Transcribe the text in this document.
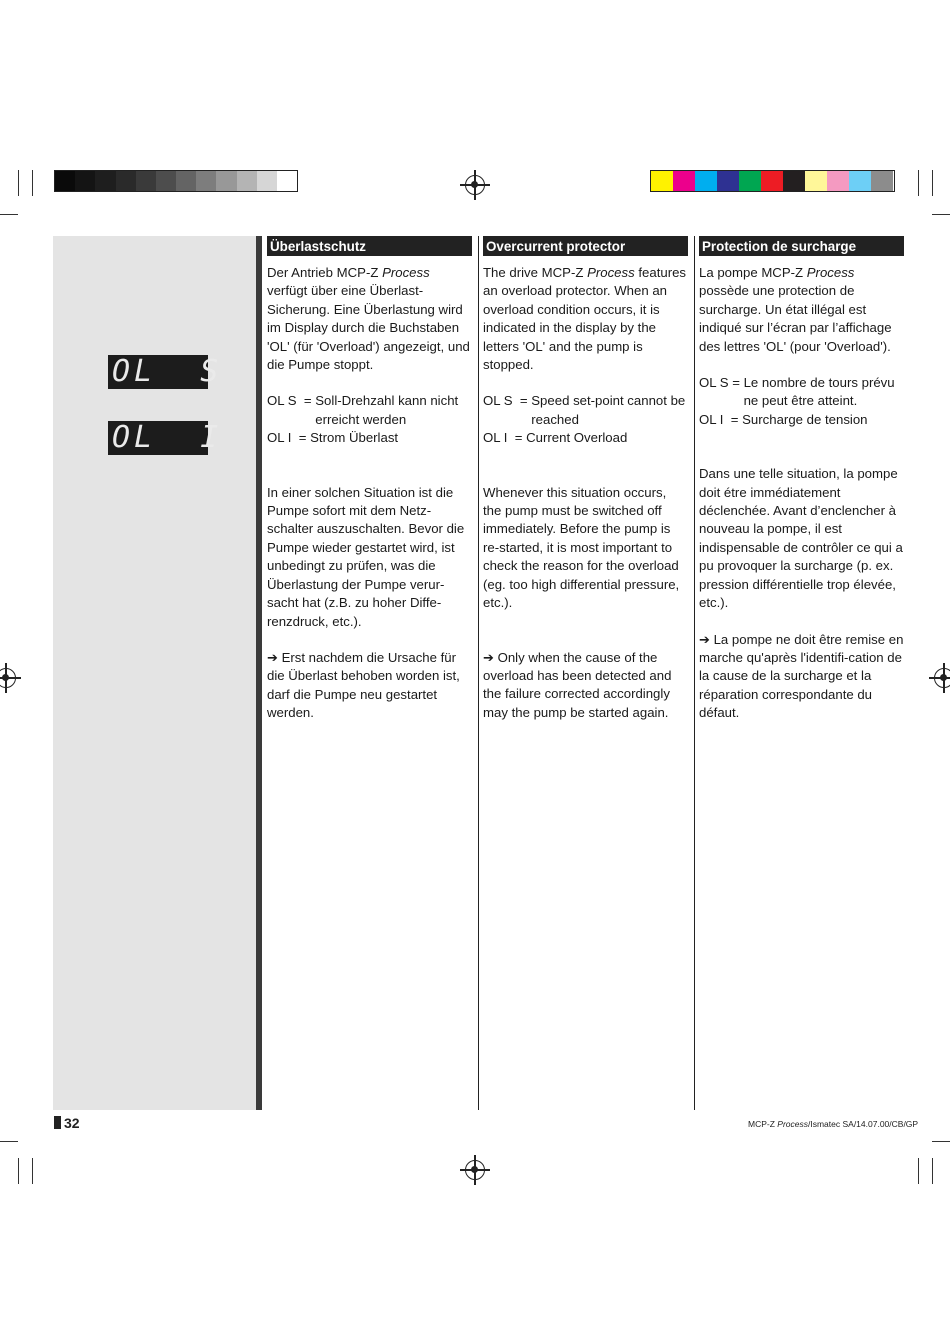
OL  S
OL  I
Überlastschutz

Der Antrieb MCP-Z Process verfügt über eine Überlast-Sicherung. Eine Überlastung wird im Display durch die Buchstaben 'OL' (für 'Overload') angezeigt, und die Pumpe stoppt.

OL S  = Soll-Drehzahl kann nicht erreicht werden
OL I  = Strom Überlast

In einer solchen Situation ist die Pumpe sofort mit dem Netz-schalter auszuschalten. Bevor die Pumpe wieder gestartet wird, ist unbedingt zu prüfen, was die Überlastung der Pumpe verur-sacht hat (z.B. zu hoher Diffe-renzdruck, etc.).

➔ Erst nachdem die Ursache für die Überlast behoben worden ist, darf die Pumpe neu gestartet werden.

Overcurrent protector

The drive MCP-Z Process features an overload protector. When an overload condition occurs, it is indicated in the display by the letters 'OL' and the pump is stopped.

OL S  = Speed set-point cannot be reached
OL I  = Current Overload

Whenever this situation occurs, the pump must be switched off immediately. Before the pump is re-started, it is most important to check the reason for the overload (eg. too high differential pressure, etc.).

➔ Only when the cause of the overload has been detected and the failure corrected accordingly may the pump be started again.

Protection de surcharge

La pompe MCP-Z Process possède une protection de surcharge. Un état illégal est indiqué sur l’écran par l’affichage des lettres 'OL' (pour 'Overload').

OL S = Le nombre de tours prévu ne peut être atteint.
OL I  = Surcharge de tension

Dans une telle situation, la pompe doit étre immédiatement déclenchée. Avant d’enclencher à nouveau la pompe, il est indispensable de contrôler ce qui a pu provoquer la surcharge (p. ex. pression différentielle trop élevée, etc.).

➔ La pompe ne doit être remise en marche qu'après l'identifi-cation de la cause de la surcharge et la réparation correspondante du défaut.

32	MCP-Z Process/Ismatec SA/14.07.00/CB/GP
